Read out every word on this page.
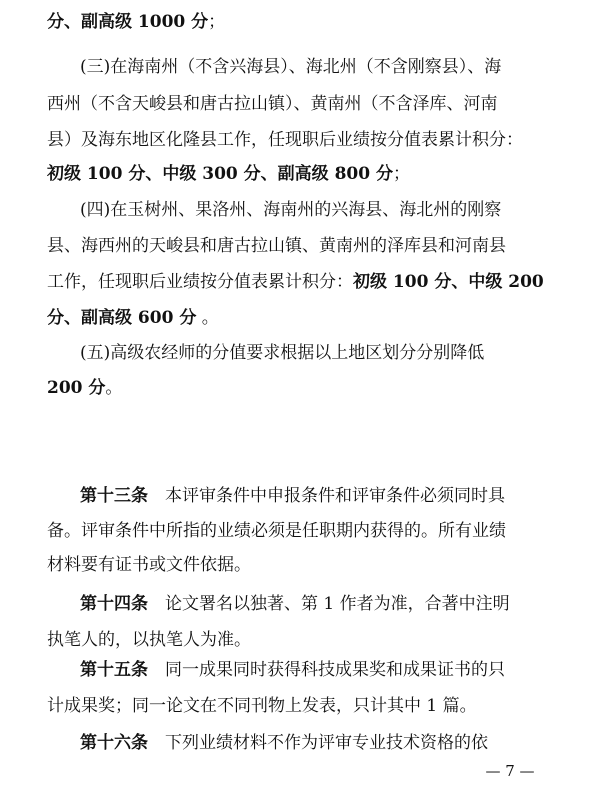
分、副高级 1000 分；
(三)在海南州（不含兴海县）、海北州（不含刚察县）、海
西州（不含天峻县和唐古拉山镇）、黄南州（不含泽库、河南
县）及海东地区化隆县工作，任现职后业绩按分值表累计积分：
初级 100 分、中级 300 分、副高级 800 分；
(四)在玉树州、果洛州、海南州的兴海县、海北州的刚察
县、海西州的天峻县和唐古拉山镇、黄南州的泽库县和河南县
工作，任现职后业绩按分值表累计积分：初级 100 分、中级 200
分、副高级 600 分 。
(五)高级农经师的分值要求根据以上地区划分分别降低
200 分。
第十三条　本评审条件中申报条件和评审条件必须同时具
备。评审条件中所指的业绩必须是任职期内获得的。所有业绩
材料要有证书或文件依据。
第十四条　论文署名以独著、第 1 作者为准，合著中注明
执笔人的，以执笔人为准。
第十五条　同一成果同时获得科技成果奖和成果证书的只
计成果奖；同一论文在不同刊物上发表，只计其中 1 篇。
第十六条　下列业绩材料不作为评审专业技术资格的依
— 7 —
